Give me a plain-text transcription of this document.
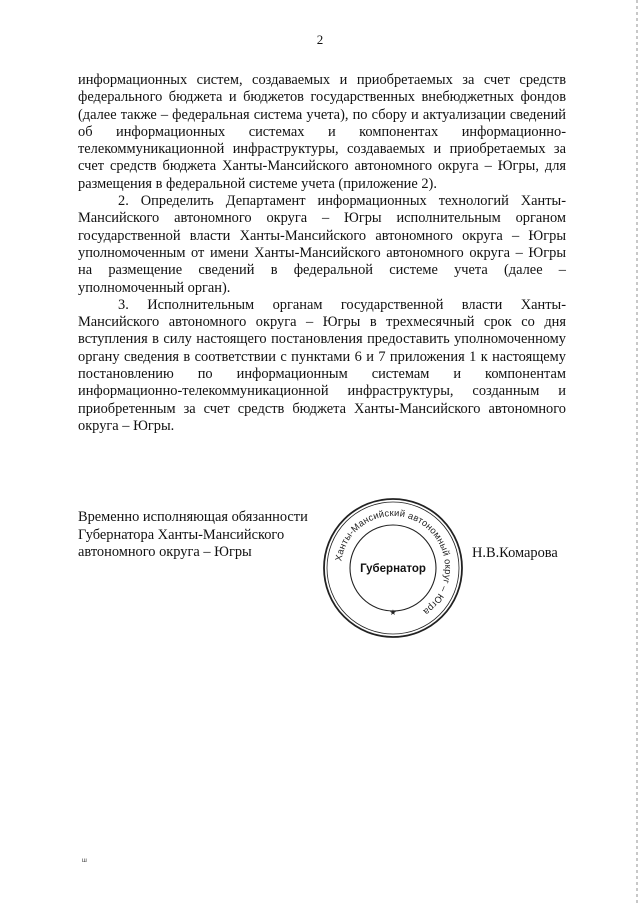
2

информационных систем, создаваемых и приобретаемых за счет средств федерального бюджета и бюджетов государственных внебюджетных фондов (далее также – федеральная система учета), по сбору и актуализации сведений об информационных системах и компонентах информационно-телекоммуникационной инфраструктуры, создаваемых и приобретаемых за счет средств бюджета Ханты-Мансийского автономного округа – Югры, для размещения в федеральной системе учета (приложение 2).

2. Определить Департамент информационных технологий Ханты-Мансийского автономного округа – Югры исполнительным органом государственной власти Ханты-Мансийского автономного округа – Югры уполномоченным от имени Ханты-Мансийского автономного округа – Югры на размещение сведений в федеральной системе учета (далее – уполномоченный орган).

3. Исполнительным органам государственной власти Ханты-Мансийского автономного округа – Югры в трехмесячный срок со дня вступления в силу настоящего постановления предоставить уполномоченному органу сведения в соответствии с пунктами 6 и 7 приложения 1 к настоящему постановлению по информационным системам и компонентам информационно-телекоммуникационной инфраструктуры, созданным и приобретенным за счет средств бюджета Ханты-Мансийского автономного округа – Югры.

Временно исполняющая обязанности
Губернатора Ханты-Мансийского
автономного округа – Югры	Ханты-Мансийский автономный округ – Югра
Губернатор
★
Н.В.Комарова
ш
